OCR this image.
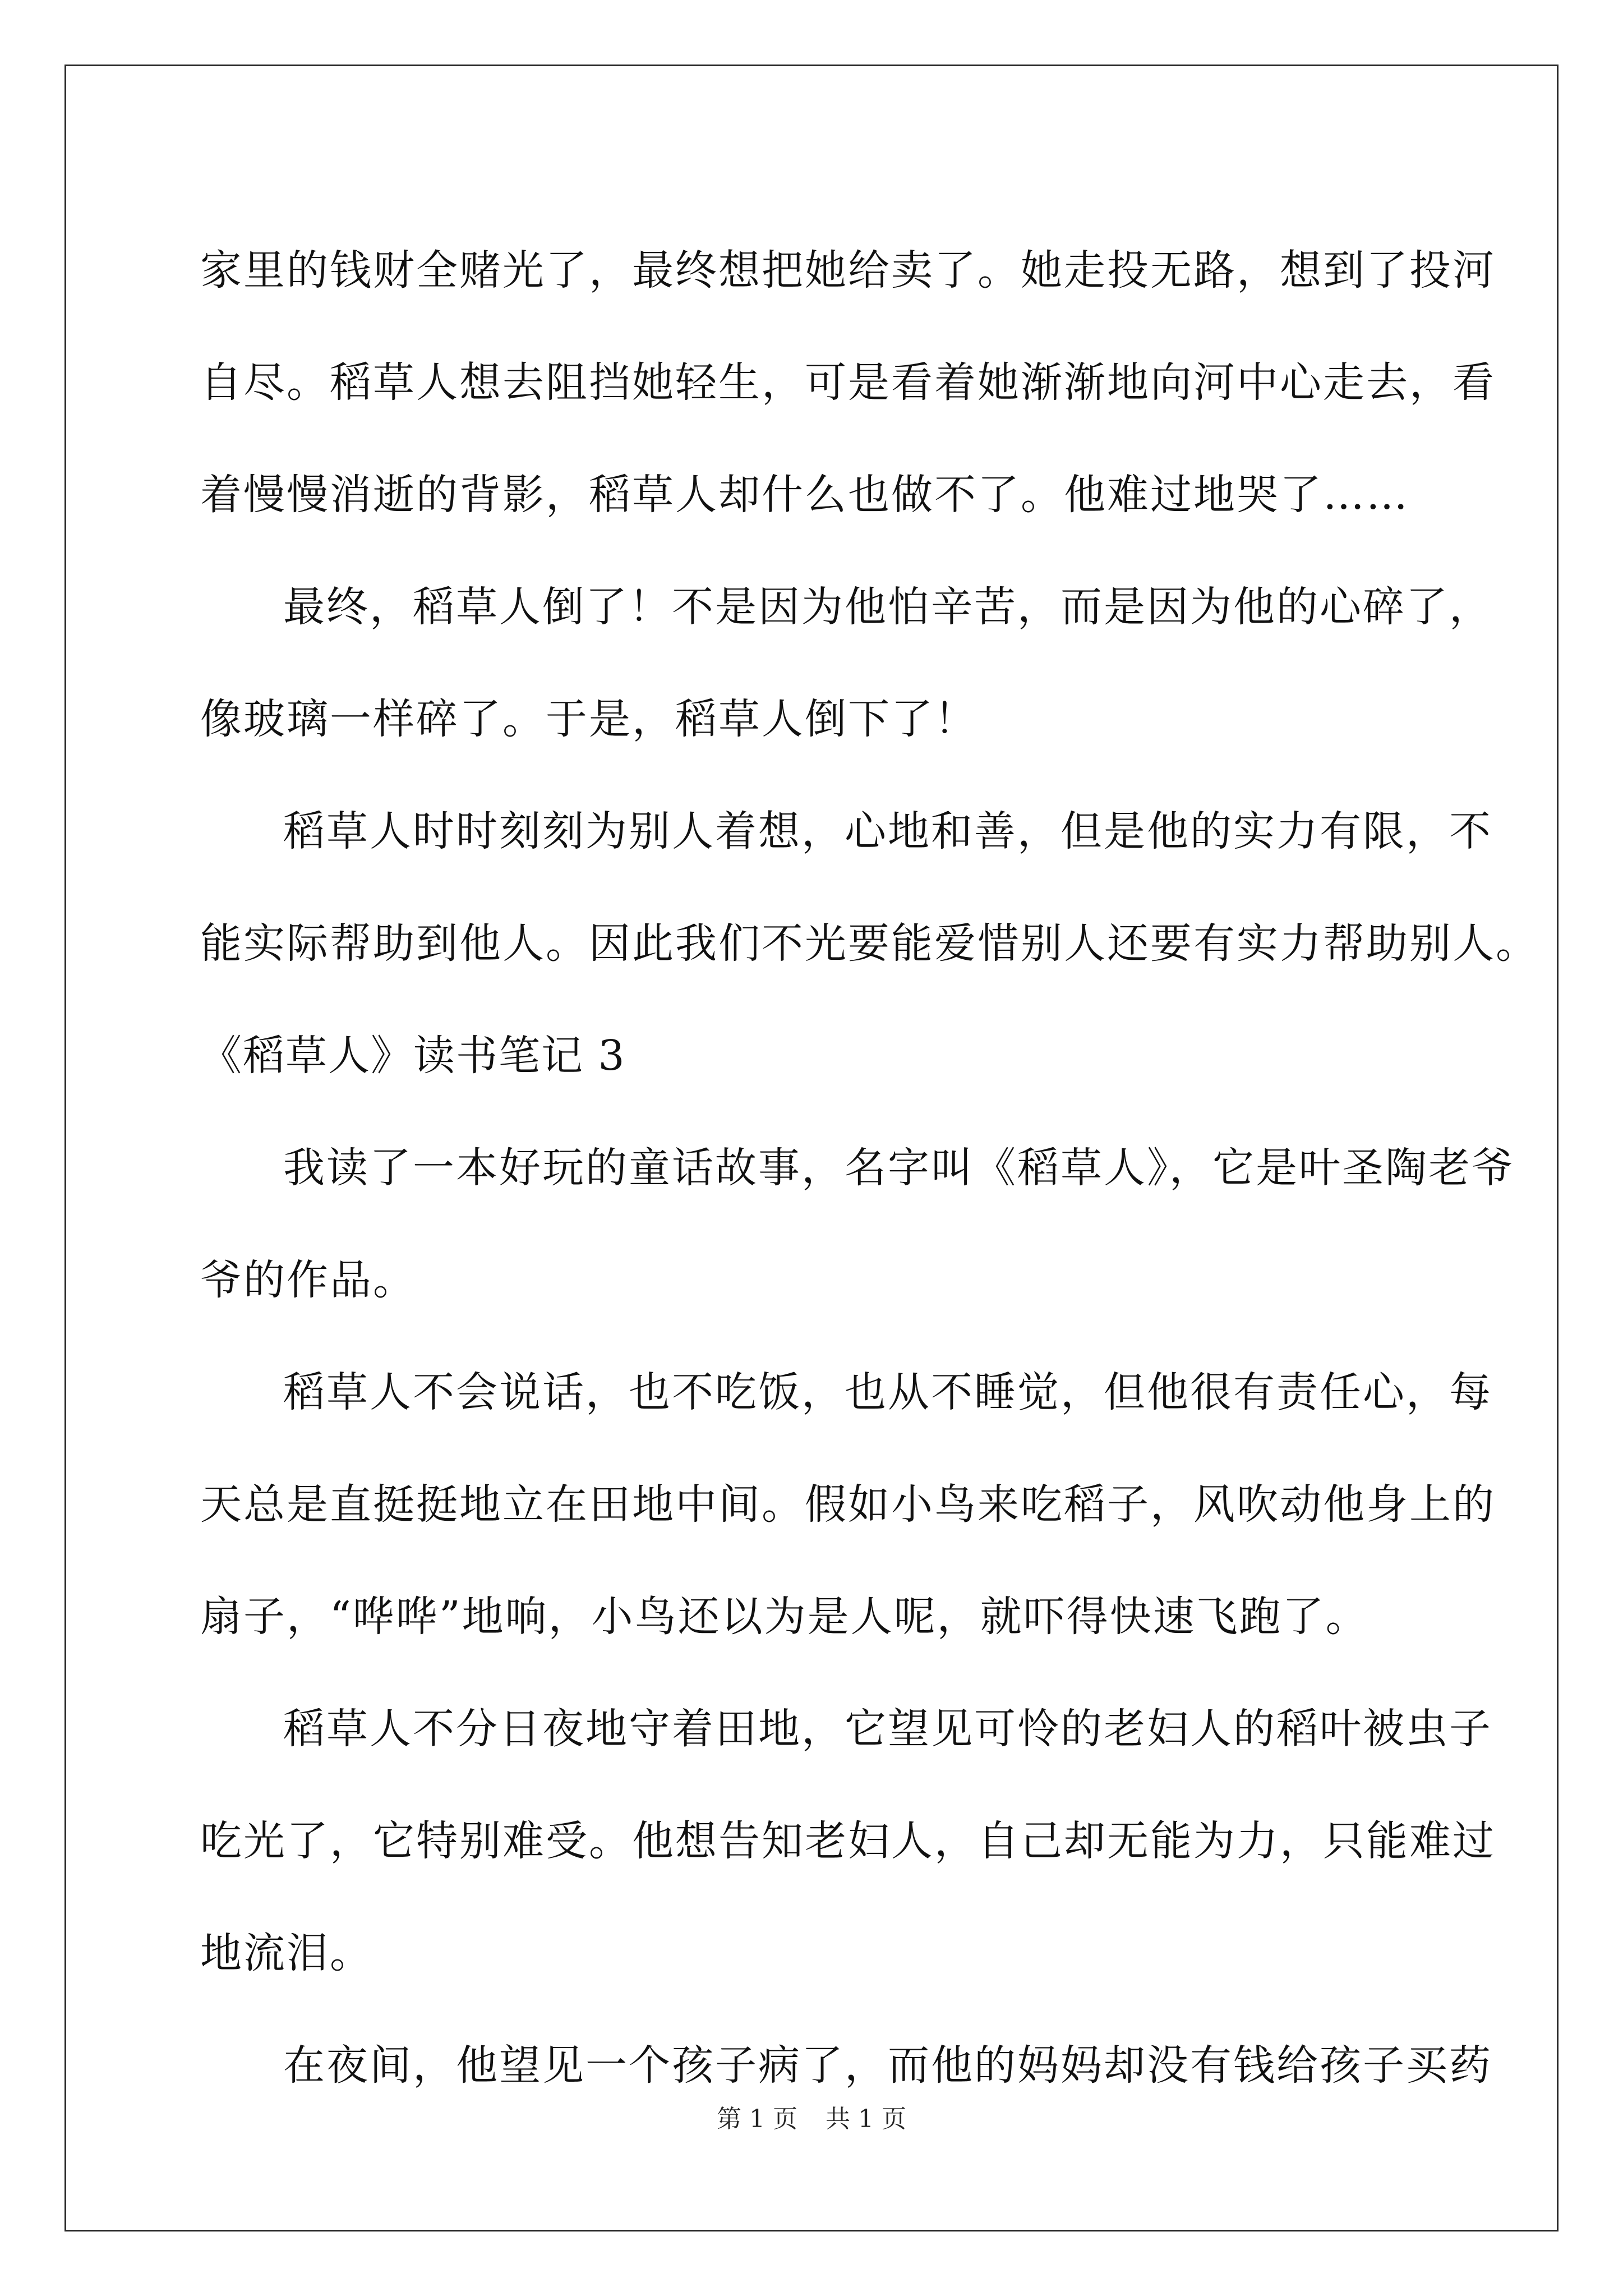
家里的钱财全赌光了，最终想把她给卖了。她走投无路，想到了投河
自尽。稻草人想去阻挡她轻生，可是看着她渐渐地向河中心走去，看
着慢慢消逝的背影，稻草人却什么也做不了。他难过地哭了……
最终，稻草人倒了！不是因为他怕辛苦，而是因为他的心碎了，
像玻璃一样碎了。于是，稻草人倒下了！
稻草人时时刻刻为别人着想，心地和善，但是他的实力有限，不
能实际帮助到他人。因此我们不光要能爱惜别人还要有实力帮助别人。
《稻草人》读书笔记 3
我读了一本好玩的童话故事，名字叫《稻草人》，它是叶圣陶老爷
爷的作品。
稻草人不会说话，也不吃饭，也从不睡觉，但他很有责任心，每
天总是直挺挺地立在田地中间。假如小鸟来吃稻子，风吹动他身上的
扇子，“哗哗”地响，小鸟还以为是人呢，就吓得快速飞跑了。
稻草人不分日夜地守着田地，它望见可怜的老妇人的稻叶被虫子
吃光了，它特别难受。他想告知老妇人，自己却无能为力，只能难过
地流泪。
在夜间，他望见一个孩子病了，而他的妈妈却没有钱给孩子买药
第 1 页 共 1 页
